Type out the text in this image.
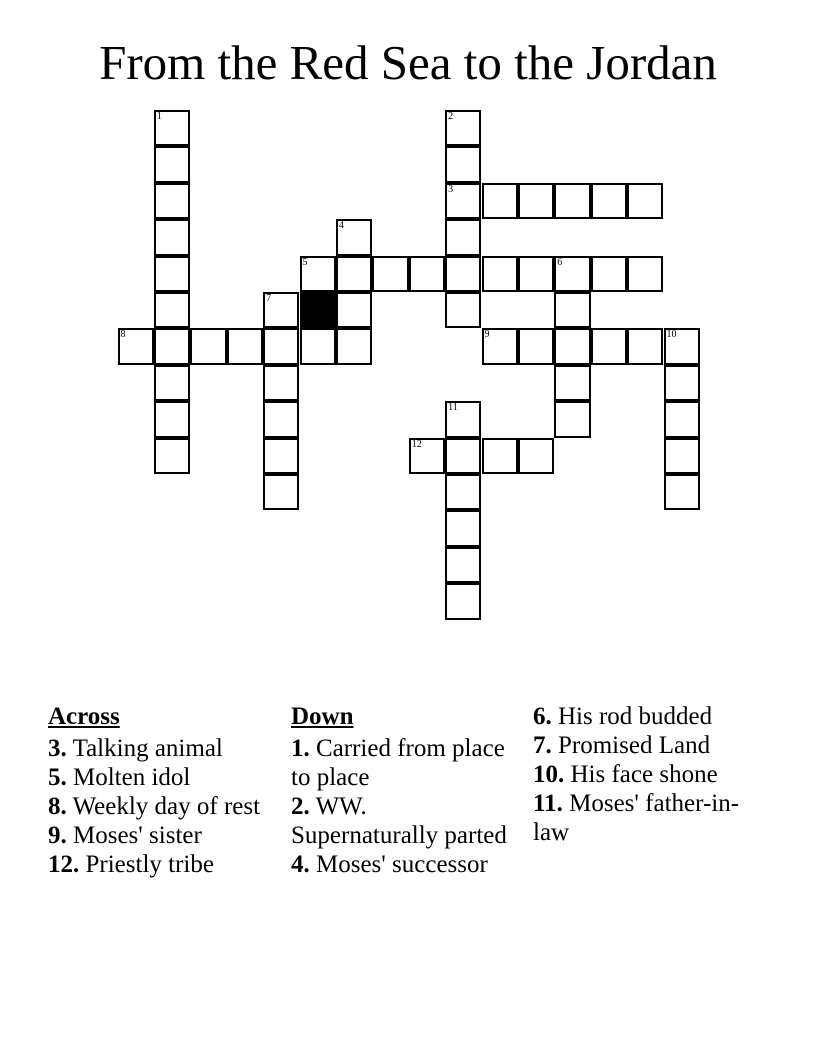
From the Red Sea to the Jordan
1	2
3
4
5	6
7
8	9	10
11
12
Across
3. Talking animal
5. Molten idol
8. Weekly day of rest
9. Moses' sister
12. Priestly tribe
Down
1. Carried from place to place
2. WW. Supernaturally parted
4. Moses' successor
6. His rod budded
7. Promised Land
10. His face shone
11. Moses' father-in-law
